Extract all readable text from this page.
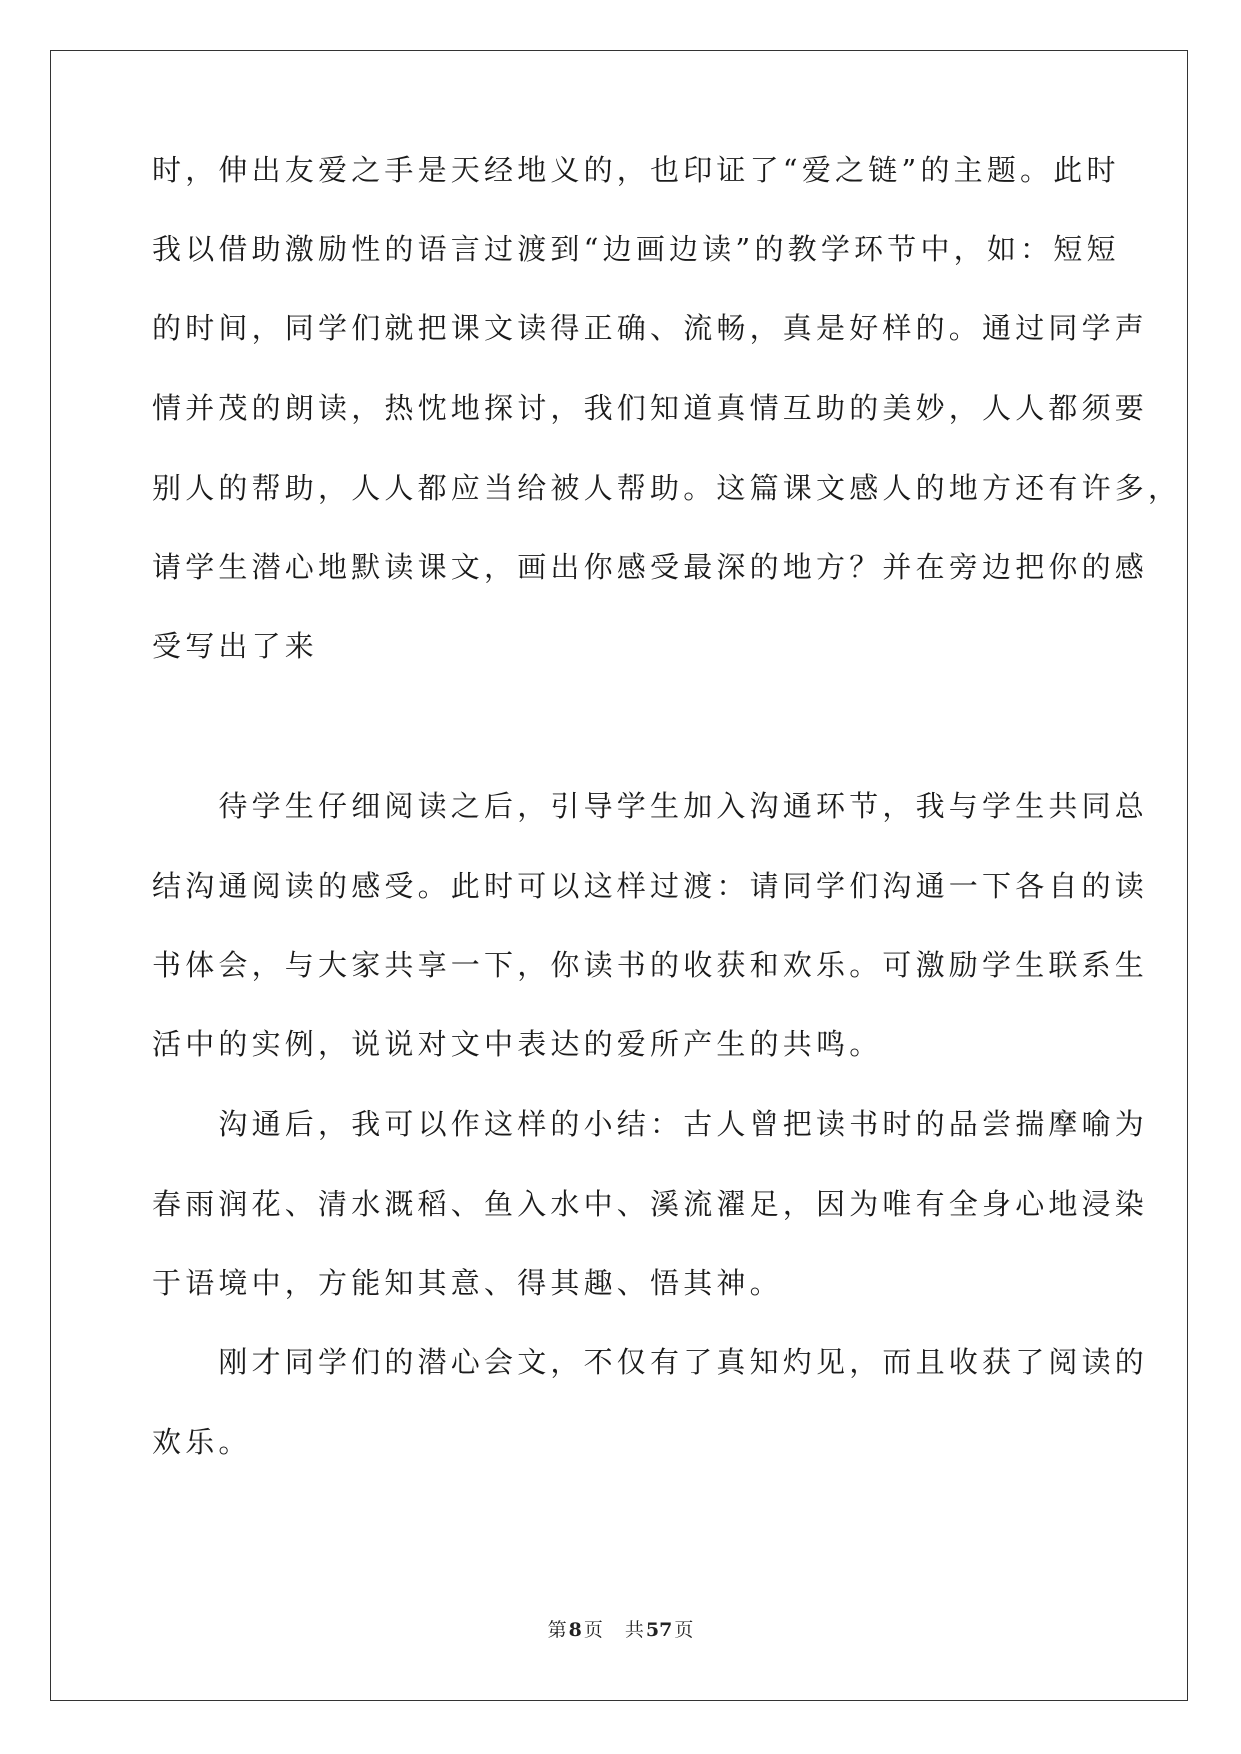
时，伸出友爱之手是天经地义的，也印证了“爱之链”的主题。此时
我以借助激励性的语言过渡到“边画边读”的教学环节中，如：短短
的时间，同学们就把课文读得正确、流畅，真是好样的。通过同学声
情并茂的朗读，热忱地探讨，我们知道真情互助的美妙，人人都须要
别人的帮助，人人都应当给被人帮助。这篇课文感人的地方还有许多，
请学生潜心地默读课文，画出你感受最深的地方？并在旁边把你的感
受写出了来
　　待学生仔细阅读之后，引导学生加入沟通环节，我与学生共同总
结沟通阅读的感受。此时可以这样过渡：请同学们沟通一下各自的读
书体会，与大家共享一下，你读书的收获和欢乐。可激励学生联系生
活中的实例，说说对文中表达的爱所产生的共鸣。
　　沟通后，我可以作这样的小结：古人曾把读书时的品尝揣摩喻为
春雨润花、清水溉稻、鱼入水中、溪流濯足，因为唯有全身心地浸染
于语境中，方能知其意、得其趣、悟其神。
　　刚才同学们的潜心会文，不仅有了真知灼见，而且收获了阅读的
欢乐。
第 8 页 共 57 页
